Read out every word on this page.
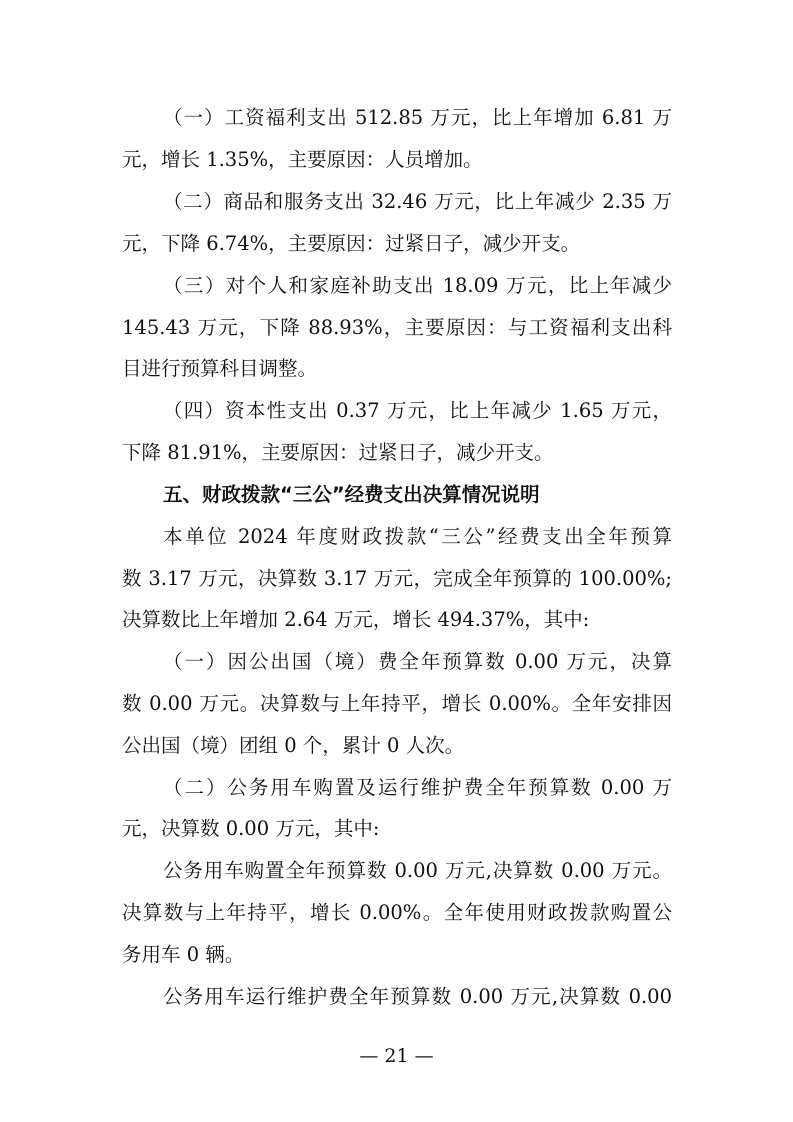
（一）工资福利支出 512.85 万元，比上年增加 6.81 万
元，增长 1.35%，主要原因：人员增加。
（二）商品和服务支出 32.46 万元，比上年减少 2.35 万
元，下降 6.74%，主要原因：过紧日子，减少开支。
（三）对个人和家庭补助支出 18.09 万元，比上年减少
145.43 万元，下降 88.93%，主要原因：与工资福利支出科
目进行预算科目调整。
（四）资本性支出 0.37 万元，比上年减少 1.65 万元，
下降 81.91%，主要原因：过紧日子，减少开支。
五、财政拨款“三公”经费支出决算情况说明
本单位 2024 年度财政拨款“三公”经费支出全年预算
数 3.17 万元，决算数 3.17 万元，完成全年预算的 100.00%;
决算数比上年增加 2.64 万元，增长 494.37%，其中:
（一）因公出国（境）费全年预算数 0.00 万元，决算
数 0.00 万元。决算数与上年持平，增长 0.00%。全年安排因
公出国（境）团组 0 个，累计 0 人次。
（二）公务用车购置及运行维护费全年预算数 0.00 万
元，决算数 0.00 万元，其中:
公务用车购置全年预算数 0.00 万元,决算数 0.00 万元。
决算数与上年持平，增长 0.00%。全年使用财政拨款购置公
务用车 0 辆。
公务用车运行维护费全年预算数 0.00 万元,决算数 0.00
— 21 —
